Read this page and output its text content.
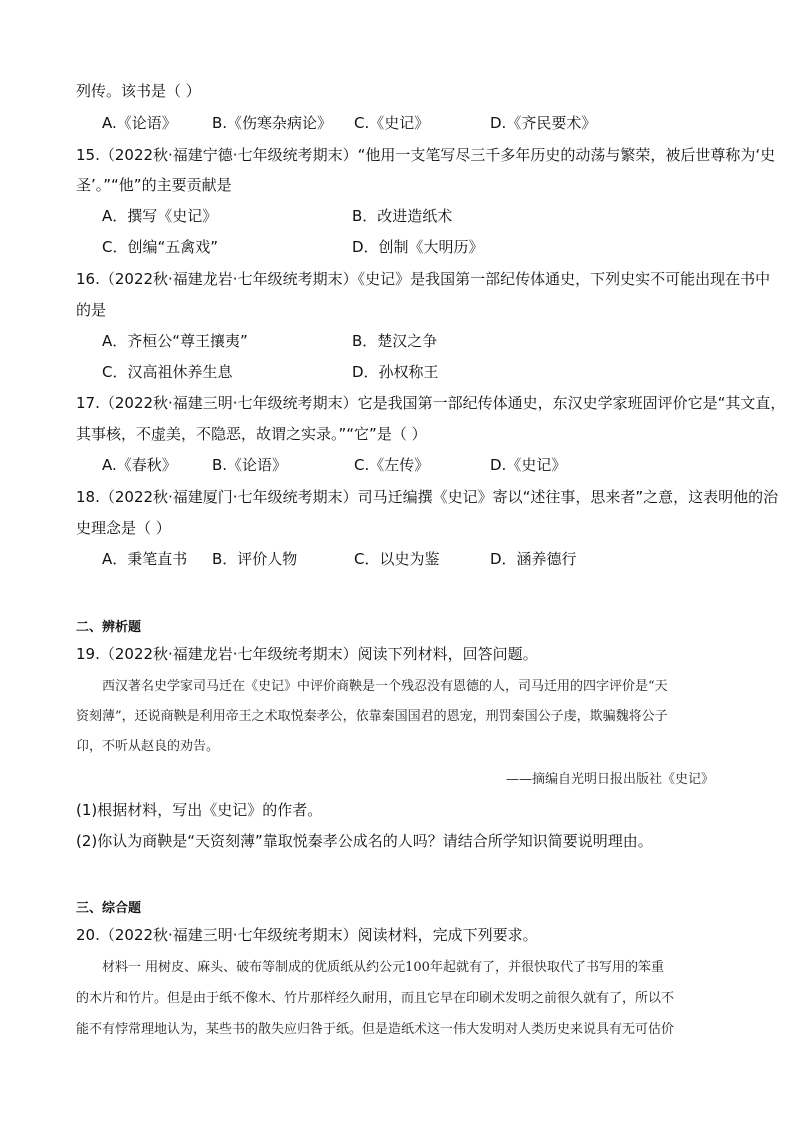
列传。该书是（ ）
A.《论语》 B.《伤寒杂病论》 C.《史记》	D.《齐民要术》
15.（2022秋·福建宁德·七年级统考期末）“他用一支笔写尽三千多年历史的动荡与繁荣，被后世尊称为‘史
圣’。”“他”的主要贡献是
A．撰写《史记》	B．改进造纸术
C．创编“五禽戏”	D．创制《大明历》
16.（2022秋·福建龙岩·七年级统考期末）《史记》是我国第一部纪传体通史，下列史实不可能出现在书中
的是
A．齐桓公“尊王攘夷”	B．楚汉之争
C．汉高祖休养生息	D．孙权称王
17.（2022秋·福建三明·七年级统考期末）它是我国第一部纪传体通史，东汉史学家班固评价它是“其文直，
其事核，不虚美，不隐恶，故谓之实录。”“它”是（ ）
A.《春秋》 B.《论语》	C.《左传》	D.《史记》
18.（2022秋·福建厦门·七年级统考期末）司马迁编撰《史记》寄以“述往事，思来者”之意，这表明他的治
史理念是（ ）
A．秉笔直书 B．评价人物	C．以史为鉴	D．涵养德行
二、辨析题
19.（2022秋·福建龙岩·七年级统考期末）阅读下列材料，回答问题。
西汉著名史学家司马迁在《史记》中评价商鞅是一个残忍没有恩德的人，司马迁用的四字评价是“天
资刻薄”，还说商鞅是利用帝王之术取悦秦孝公，依靠秦国国君的恩宠，刑罚秦国公子虔，欺骗魏将公子
卬，不听从赵良的劝告。
——摘编自光明日报出版社《史记》
(1)根据材料，写出《史记》的作者。
(2)你认为商鞅是“天资刻薄”靠取悦秦孝公成名的人吗？请结合所学知识简要说明理由。
三、综合题
20.（2022秋·福建三明·七年级统考期末）阅读材料，完成下列要求。
材料一 用树皮、麻头、破布等制成的优质纸从约公元100年起就有了，并很快取代了书写用的笨重
的木片和竹片。但是由于纸不像木、竹片那样经久耐用，而且它早在印刷术发明之前很久就有了，所以不
能不有悖常理地认为，某些书的散失应归咎于纸。但是造纸术这一伟大发明对人类历史来说具有无可估价
